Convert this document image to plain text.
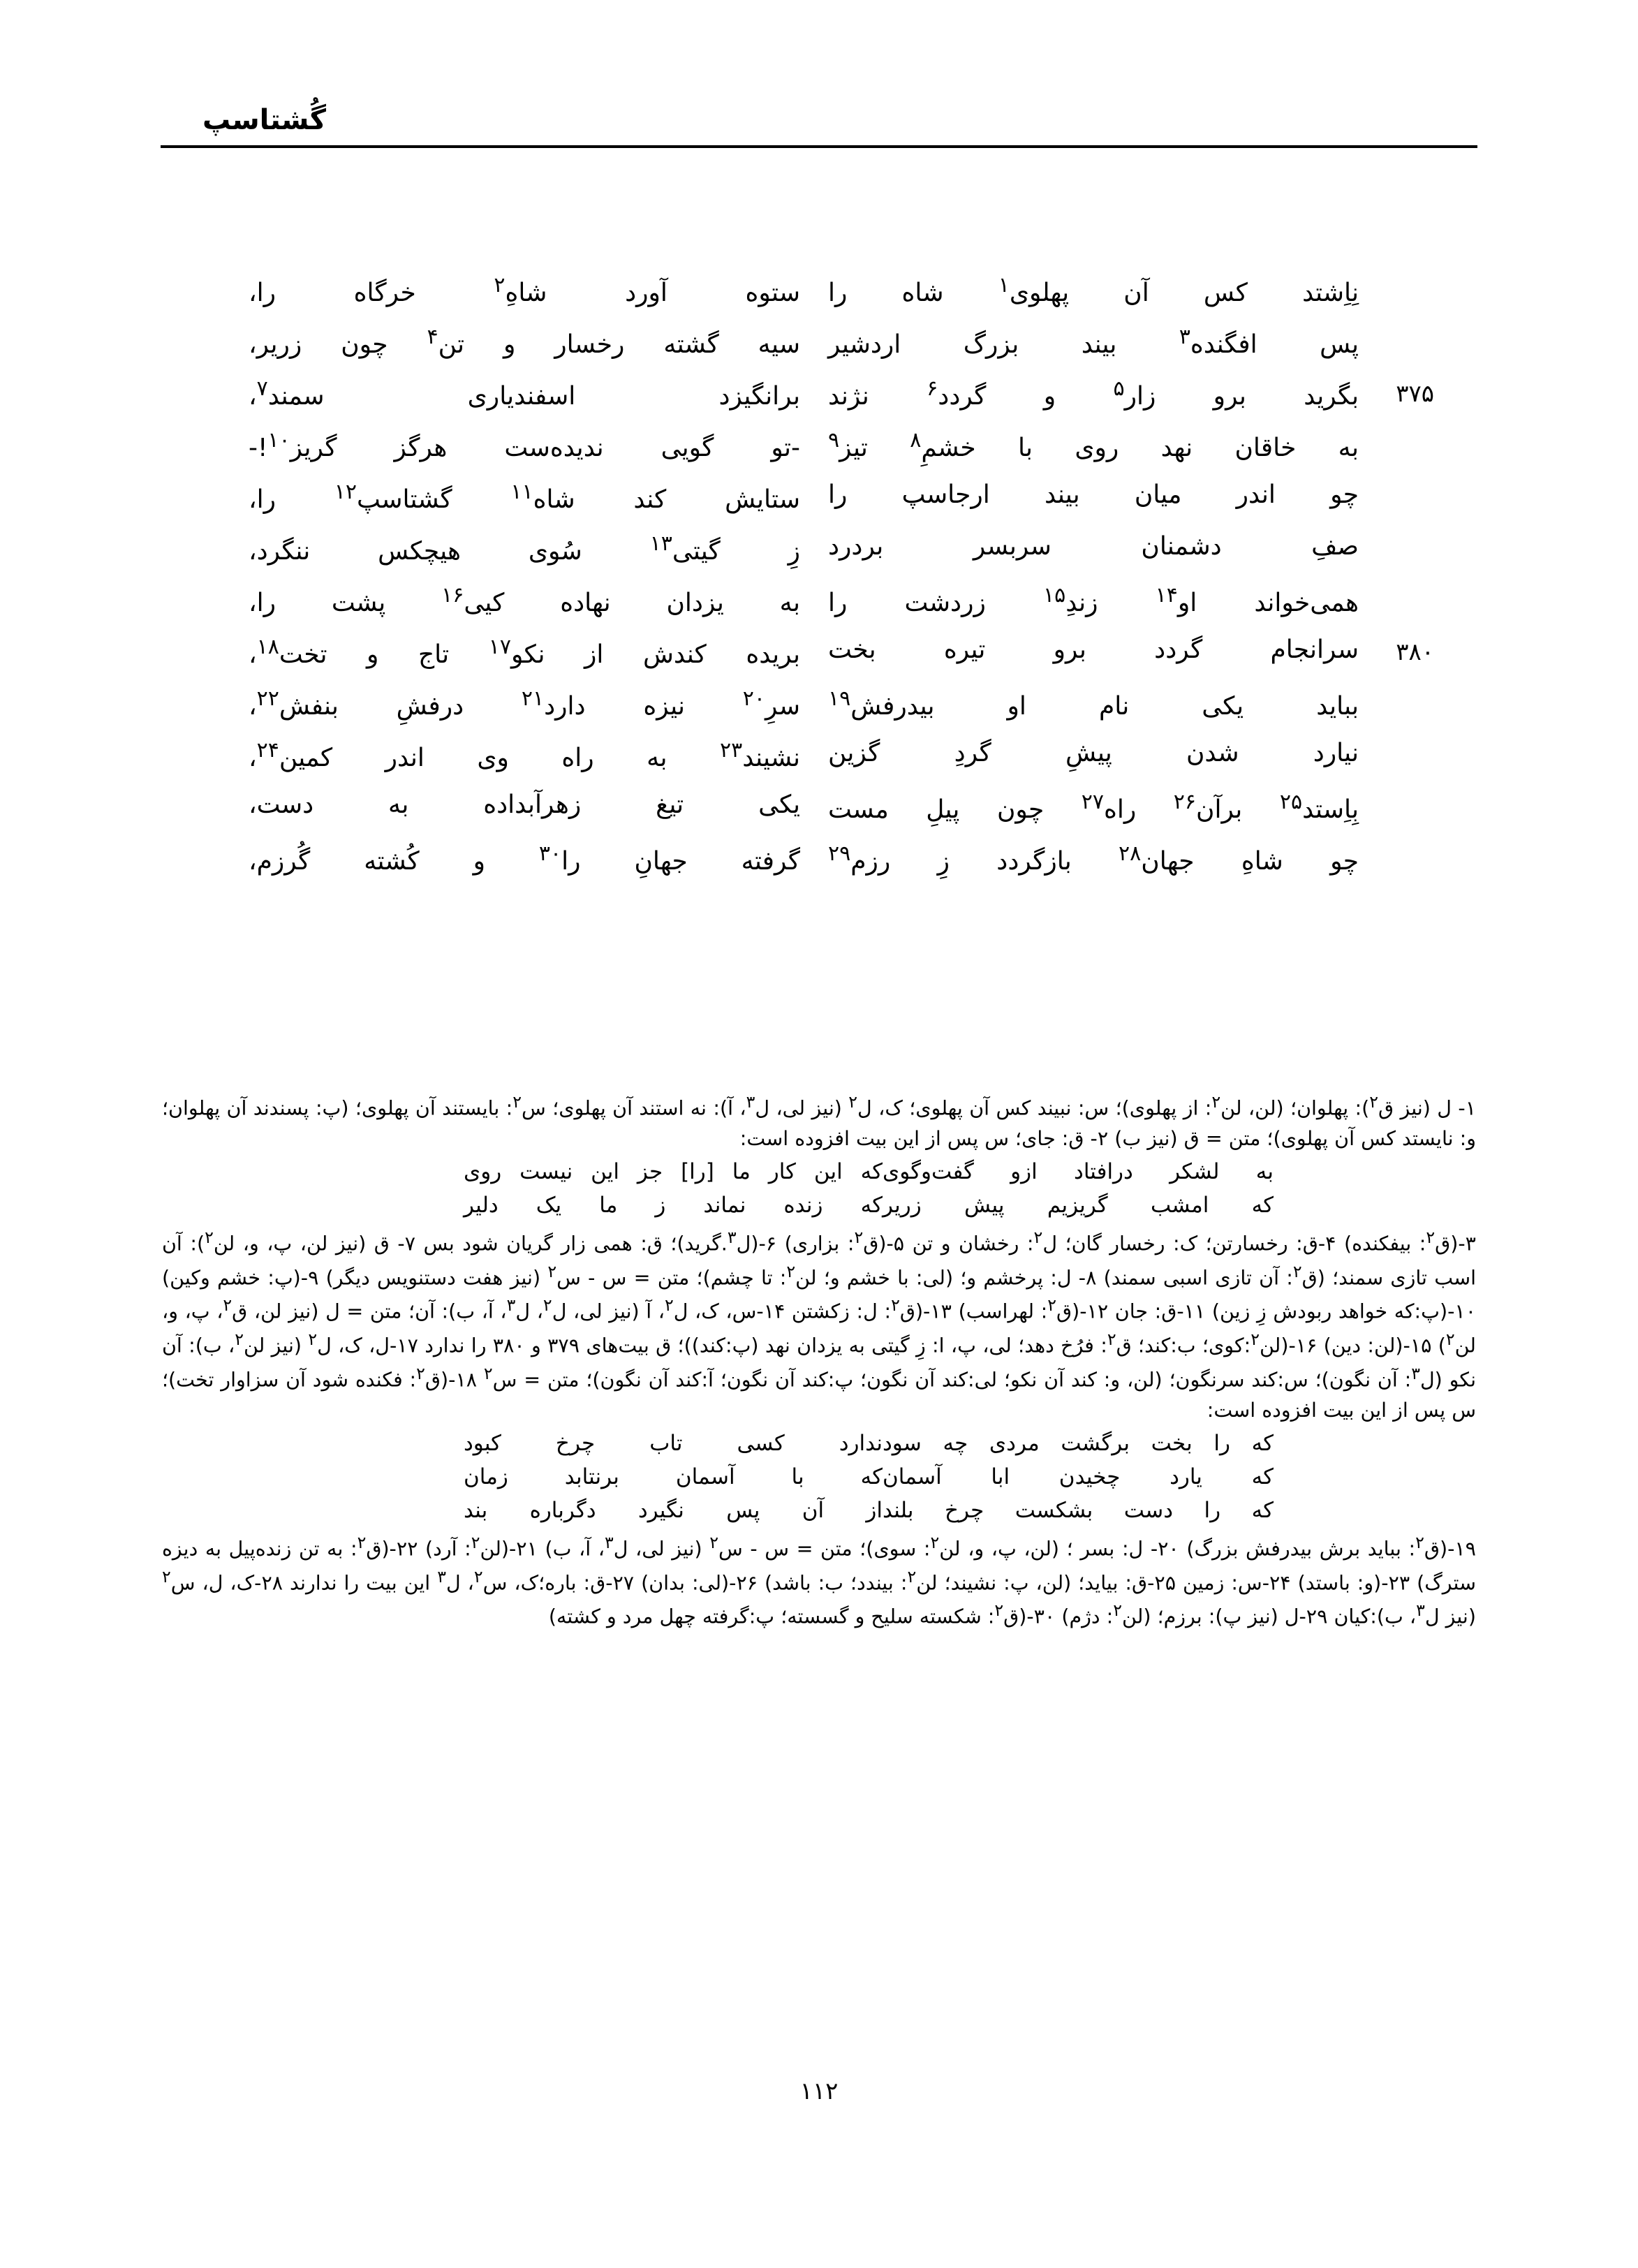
گُشتاسپ
نِاِشتد کس آن پهلوی$^۱$ شاه را
ستوه آورد شاهِ$^۲$ خرگاه را،
پس افگنده$^۳$ بیند بزرگ اردشیر
سیه گشته رخسار و تن$^۴$ چون زریر،
۳۷۵
بگرید برو زار$^۵$ و گردد$^۶$ نژند
برانگیزد اسفندیاری سمند$^۷$،
به خاقان نهد روی با خشمِ$^۸$ تیز$^۹$
-تو گویی ندیده‌ست هرگز گریز$^{۱۰}$!-
چو اندر میان بیند ارجاسپ را
ستایش کند شاه$^{۱۱}$ گشتاسپ$^{۱۲}$ را،
صفِ دشمنان سربسر بردرد
زِ گیتی$^{۱۳}$ سُوی هیچکس ننگرد،
همی‌خواند او$^{۱۴}$ زندِ$^{۱۵}$ زردشت را
به یزدان نهاده کیی$^{۱۶}$ پشت را،
۳۸۰
سرانجام گردد برو تیره بخت
بریده کندش از نکو$^{۱۷}$ تاج و تخت$^{۱۸}$،
بباید یکی نام او بیدرفش$^{۱۹}$
سرِ$^{۲۰}$ نیزه دارد$^{۲۱}$ درفشِ بنفش$^{۲۲}$،
نیارد شدن پیشِ گردِ گزین
نشیند$^{۲۳}$ به راه وی اندر کمین$^{۲۴}$،
بِاِستد$^{۲۵}$ برآن$^{۲۶}$ راه$^{۲۷}$ چون پیلِ مست
یکی تیغ زهرآبداده به دست،
چو شاهِ جهان$^{۲۸}$ بازگردد زِ رزم$^{۲۹}$
گرفته جهانِ را$^{۳۰}$ و کُشته گُرزم،

۱- ل (نیز ق$^۲$): پهلوان؛ (لن، لن$^۲$: از پهلوی)؛ س: نبیند کس آن پهلوی؛ ک، ل$^۲$ (نیز لی، ل$^۳$، آ): نه استند آن پهلوی؛ س$^۲$: بایستند آن پهلوی؛ (پ: پسندند آن پهلوان؛ و: نایستد کس آن پهلوی)؛ متن = ق (نیز ب)‌ ۲- ق: جای؛ س پس از این بیت افزوده است:

به لشکر درافتاد ازو گفت‌وگوی
که این کار ما [را] جز این نیست روی
که امشب گریزیم پیش زریر
که زنده نماند ز ما یک دلیر

۳-(ق$^۲$: بیفکنده)‌ ۴-ق: رخسارتن؛ ک: رخسار گان؛ ل$^۲$: رخشان و تن ۵-(ق$^۲$: بزاری)‌ ۶-(ل$^۳$.گرید)؛ ق: همی زار گریان شود بس ۷- ق (نیز لن، پ، و، لن$^۲$): آن اسب تازی سمند؛ (ق$^۲$: آن تازی اسبی سمند)‌ ۸- ل: پرخشم و؛ (لی: با خشم و؛ لن$^۲$: تا چشم)؛ متن = س - س$^۲$ (نیز هفت دستنویس دیگر)‌ ۹-(پ: خشم وکین)‌ ۱۰-(پ:که خواهد ربودش زِ زین)‌ ۱۱-ق: جان ۱۲-(ق$^۲$: لهراسب)‌ ۱۳-(ق$^۲$: ل: زکشتن ۱۴-س، ک، ل$^۲$، آ (نیز لی، ل$^۲$، ل$^۳$، آ، ب): آن؛ متن = ل (نیز لن، ق$^۲$، پ، و، لن$^۲$)‌ ۱۵-(لن: دین)‌ ۱۶-(لن$^۲$:کوی؛ ب:کند؛ ق$^۲$: فرُخ دهد؛ لی، پ، ا: زِ گیتی به یزدان نهد (پ:کند))؛ ق بیت‌های ۳۷۹ و ۳۸۰ را ندارد ۱۷-ل، ک، ل$^۲$ (نیز لن$^۲$، ب): آن نکو (ل$^۳$: آن نگون)؛ س:کند سرنگون؛ (لن، و: کند آن نکو؛ لی:کند آن نگون؛ پ:کند آن نگون؛ آ:کند آن نگون)؛ متن = س$^۲$‌ ۱۸-(ق$^۲$: فکنده شود آن سزاوار تخت)؛ س پس از این بیت افزوده است:

که را بخت برگشت مردی چه سود
ندارد کسی تاب چرخ کبود
که یارد چخیدن ابا آسمان
که با آسمان برنتابد زمان
که را دست بشکست چرخ بلند
از آن پس نگیرد دگرباره بند

۱۹-(ق$^۲$: بباید برش بیدرفش بزرگ)‌ ۲۰- ل: بسر ؛ (لن، پ، و، لن$^۲$: سوی)؛ متن = س - س$^۲$ (نیز لی، ل$^۳$، آ، ب)‌ ۲۱-(لن$^۲$: آرد)‌ ۲۲-(ق$^۲$: به تن زنده‌پیل به دیزه سترگ)‌ ۲۳-(و: باستد)‌ ۲۴-س: زمین ۲۵-ق: بیاید؛ (لن، پ: نشیند؛ لن$^۲$: بیندد؛ ب: باشد)‌ ۲۶-(لی: بدان)‌ ۲۷-ق: باره؛ک، س$^۲$، ل$^۳$ این بیت را ندارند ۲۸-ک، ل، س$^۲$ (نیز ل$^۳$، ب):کیان ۲۹-ل (نیز پ): برزم؛ (لن$^۲$: دژم)‌ ۳۰-(ق$^۲$: شکسته سلیح و گسسته؛ پ:گرفته چهل مرد و کشته)

۱۱۲
